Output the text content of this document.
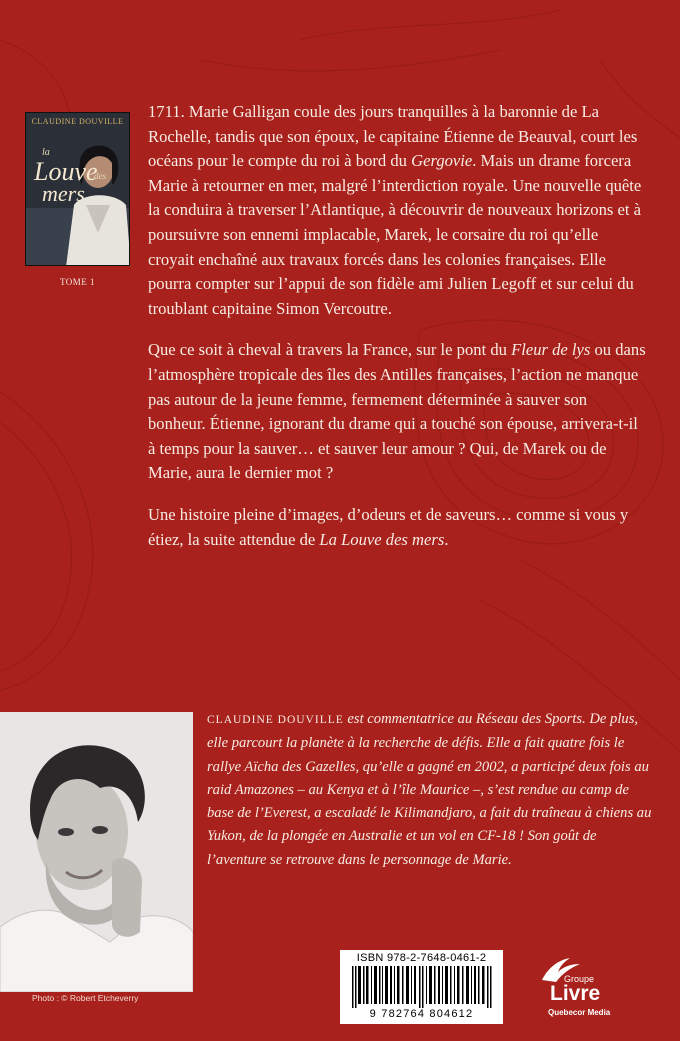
CLAUDINE DOUVILLE
la
Louve
des
mers
TOME 1

1711. Marie Galligan coule des jours tranquilles à la baronnie de La Rochelle, tandis que son époux, le capitaine Étienne de Beauval, court les océans pour le compte du roi à bord du Gergovie. Mais un drame forcera Marie à retourner en mer, malgré l’interdiction royale. Une nouvelle quête la conduira à traverser l’Atlantique, à découvrir de nouveaux horizons et à poursuivre son ennemi implacable, Marek, le corsaire du roi qu’elle croyait enchaîné aux travaux forcés dans les colonies françaises. Elle pourra compter sur l’appui de son fidèle ami Julien Legoff et sur celui du troublant capitaine Simon Vercoutre.

Que ce soit à cheval à travers la France, sur le pont du Fleur de lys ou dans l’atmosphère tropicale des îles des Antilles françaises, l’action ne manque pas autour de la jeune femme, fermement déterminée à sauver son bonheur. Étienne, ignorant du drame qui a touché son épouse, arrivera-t-il à temps pour la sauver… et sauver leur amour ? Qui, de Marek ou de Marie, aura le dernier mot ?

Une histoire pleine d’images, d’odeurs et de saveurs… comme si vous y étiez, la suite attendue de La Louve des mers.

Photo : © Robert Etcheverry
CLAUDINE DOUVILLE est commentatrice au Réseau des Sports. De plus, elle parcourt la planète à la recherche de défis. Elle a fait quatre fois le rallye Aïcha des Gazelles, qu’elle a gagné en 2002, a participé deux fois au raid Amazones – au Kenya et à l’île Maurice –, s’est rendue au camp de base de l’Everest, a escaladé le Kilimandjaro, a fait du traîneau à chiens au Yukon, de la plongée en Australie et un vol en CF-18 ! Son goût de l’aventure se retrouve dans le personnage de Marie.
ISBN 978-2-7648-0461-2
9 782764 804612
Groupe
Livre
Quebecor Media
